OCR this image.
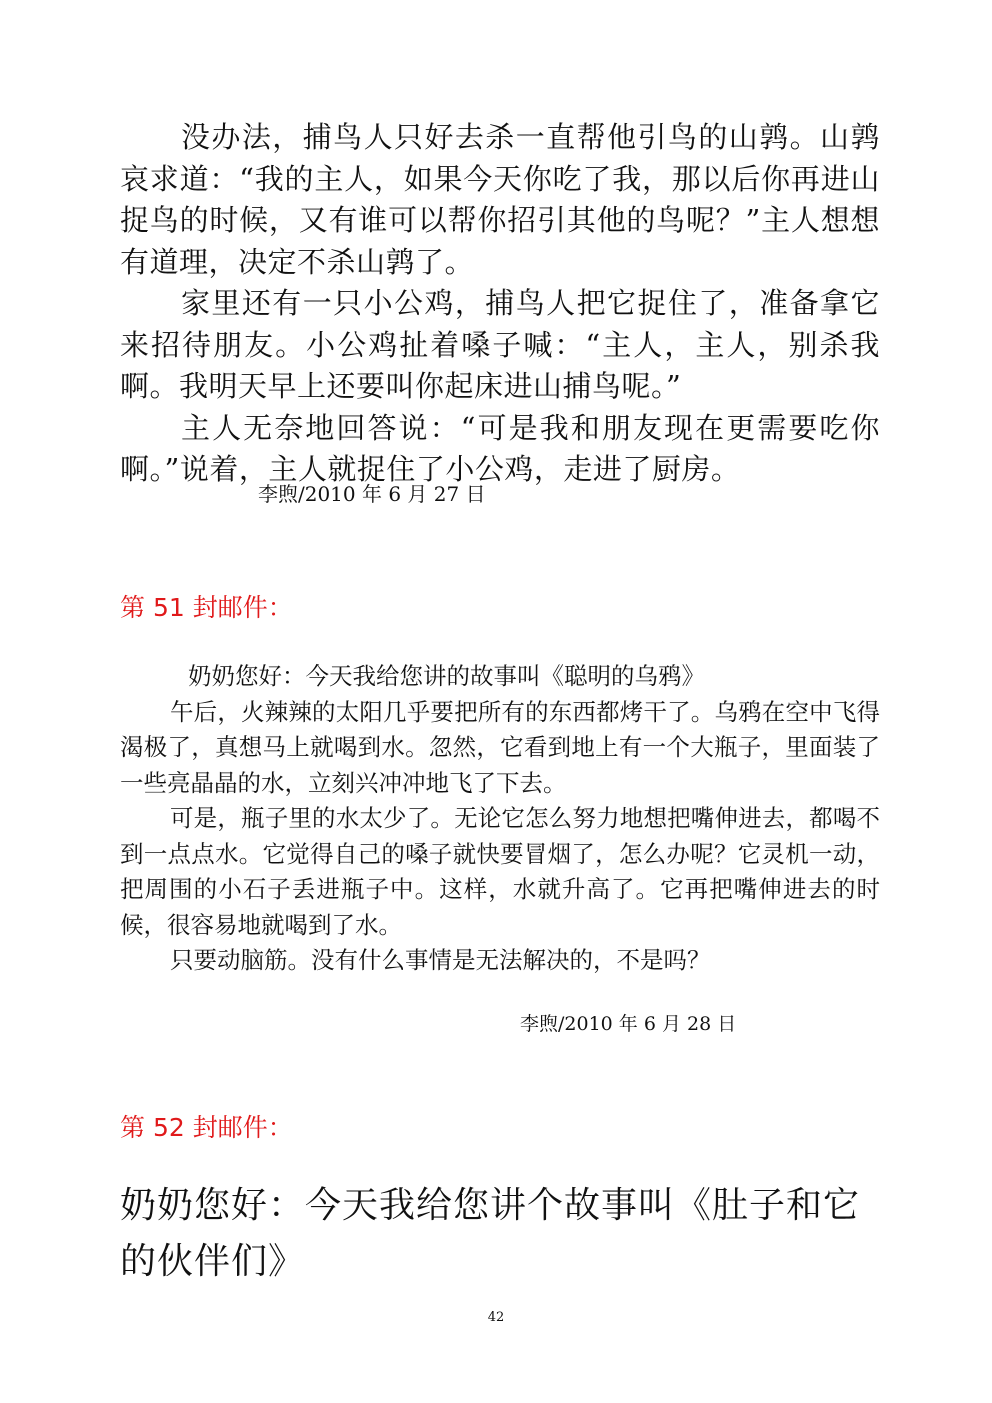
没办法，捕鸟人只好去杀一直帮他引鸟的山鹑。山鹑哀求道：“我的主人，如果今天你吃了我，那以后你再进山捉鸟的时候，又有谁可以帮你招引其他的鸟呢？”主人想想有道理，决定不杀山鹑了。

家里还有一只小公鸡，捕鸟人把它捉住了，准备拿它来招待朋友。小公鸡扯着嗓子喊：“主人，主人，别杀我啊。我明天早上还要叫你起床进山捕鸟呢。”

主人无奈地回答说：“可是我和朋友现在更需要吃你啊。”说着，主人就捉住了小公鸡，走进了厨房。

李煦/2010 年 6 月 27 日
第 51 封邮件：

奶奶您好：今天我给您讲的故事叫《聪明的乌鸦》

午后，火辣辣的太阳几乎要把所有的东西都烤干了。乌鸦在空中飞得渴极了，真想马上就喝到水。忽然，它看到地上有一个大瓶子，里面装了一些亮晶晶的水，立刻兴冲冲地飞了下去。

可是，瓶子里的水太少了。无论它怎么努力地想把嘴伸进去，都喝不到一点点水。它觉得自己的嗓子就快要冒烟了，怎么办呢？它灵机一动，把周围的小石子丢进瓶子中。这样，水就升高了。它再把嘴伸进去的时候，很容易地就喝到了水。

只要动脑筋。没有什么事情是无法解决的，不是吗？

李煦/2010 年 6 月 28 日
第 52 封邮件：
奶奶您好：今天我给您讲个故事叫《肚子和它的伙伴们》
42
